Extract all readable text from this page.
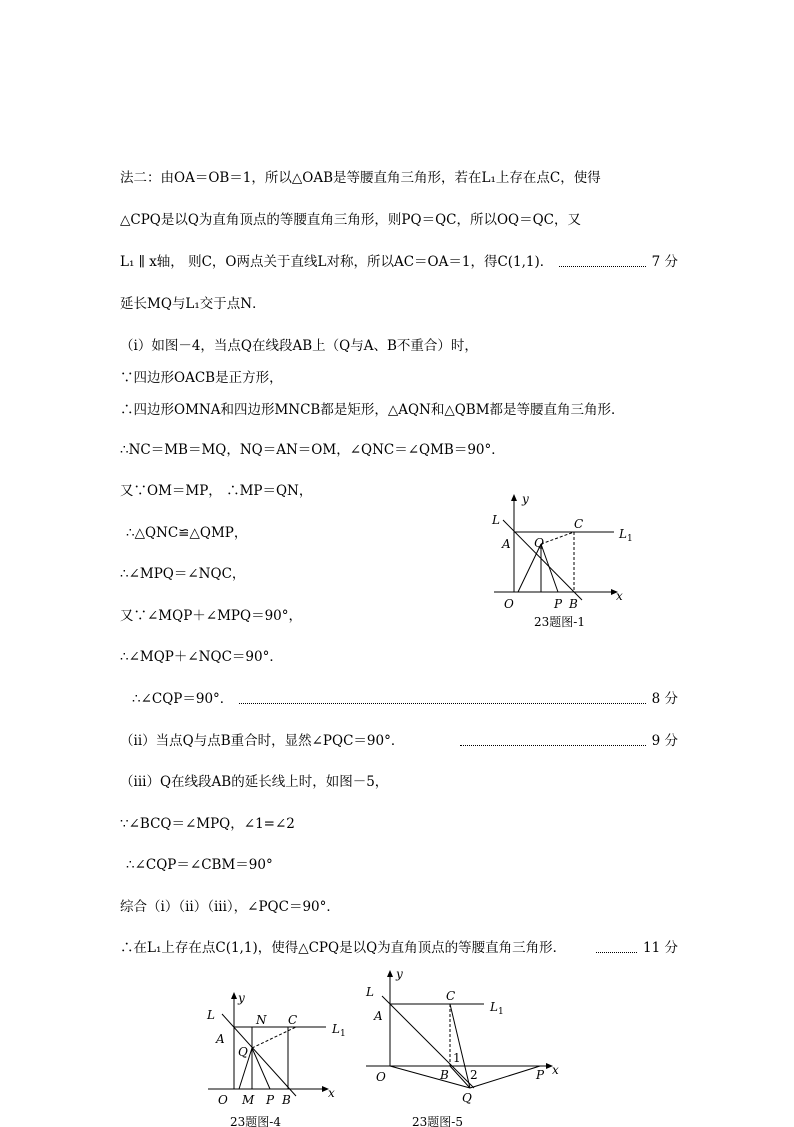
法二：由OA＝OB＝1，所以△OAB是等腰直角三角形，若在L₁上存在点C，使得
△CPQ是以Q为直角顶点的等腰直角三角形，则PQ＝QC，所以OQ＝QC，又
L₁ ∥ x轴， 则C，O两点关于直线L对称，所以AC＝OA＝1，得C(1,1)．	7 分
延长MQ与L₁交于点N．
（i）如图－4，当点Q在线段AB上（Q与A、B不重合）时，
∵四边形OACB是正方形，
∴四边形OMNA和四边形MNCB都是矩形，△AQN和△QBM都是等腰直角三角形．
∴NC＝MB＝MQ，NQ＝AN＝OM，∠QNC＝∠QMB＝90°．
又∵OM＝MP， ∴MP＝QN，
∴△QNC≌△QMP，
∴∠MPQ＝∠NQC，
又∵∠MQP＋∠MPQ＝90°，
∴∠MQP＋∠NQC＝90°．
∴∠CQP＝90°．	8 分
（ii）当点Q与点B重合时，显然∠PQC＝90°．	9 分
（iii）Q在线段AB的延长线上时，如图－5，
∵∠BCQ＝∠MPQ，∠1=∠2
∴∠CQP＝∠CBM＝90°
综合（i）（ii）（iii），∠PQC＝90°．
∴在L₁上存在点C(1,1)，使得△CPQ是以Q为直角顶点的等腰直角三角形．	11 分
y
x
L
$L_1$
A Q
C
O	P B
23题图-1
y
x
L
$L_1$
A
N C
Q
O M P B
23题图-4
y
x
L
$L_1$
A
C
O	B
1
2
Q
P
23题图-5
